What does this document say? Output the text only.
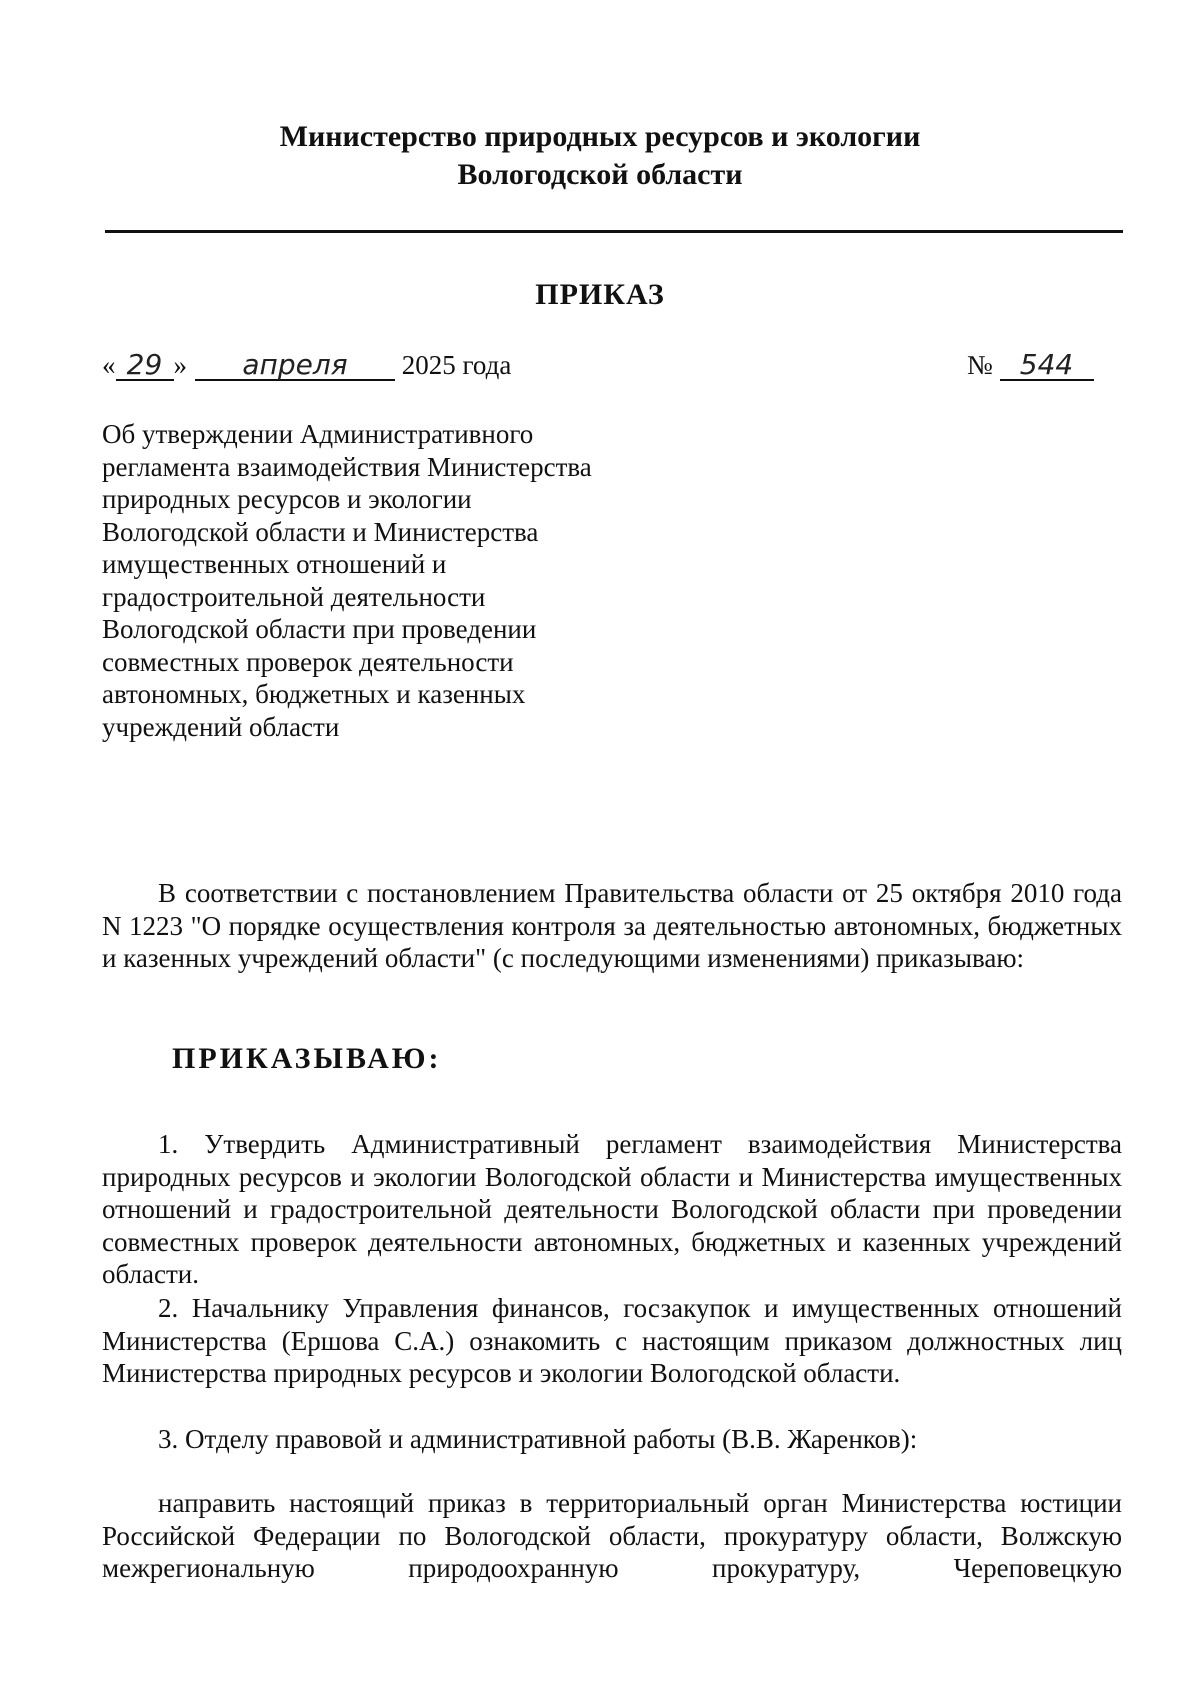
Министерство природных ресурсов и экологии
Вологодской области
ПРИКАЗ
« 29 » апреля 2025 года	№ 544
Об утверждении Административного
регламента взаимодействия Министерства
природных ресурсов и экологии
Вологодской области и Министерства
имущественных отношений и
градостроительной деятельности
Вологодской области при проведении
совместных проверок деятельности
автономных, бюджетных и казенных
учреждений области

В соответствии с постановлением Правительства области от 25 октября 2010 года N 1223 "О порядке осуществления контроля за деятельностью автономных, бюджетных и казенных учреждений области" (с последующими изменениями) приказываю:

ПРИКАЗЫВАЮ:

1. Утвердить Административный регламент взаимодействия Министерства природных ресурсов и экологии Вологодской области и Министерства имущественных отношений и градостроительной деятельности Вологодской области при проведении совместных проверок деятельности автономных, бюджетных и казенных учреждений области.

2. Начальнику Управления финансов, госзакупок и имущественных отношений Министерства (Ершова С.А.) ознакомить с настоящим приказом должностных лиц Министерства природных ресурсов и экологии Вологодской области.

3. Отделу правовой и административной работы (В.В. Жаренков):

направить настоящий приказ в территориальный орган Министерства юстиции Российской Федерации по Вологодской области, прокуратуру области, Волжскую межрегиональную природоохранную прокуратуру, Череповецкую
